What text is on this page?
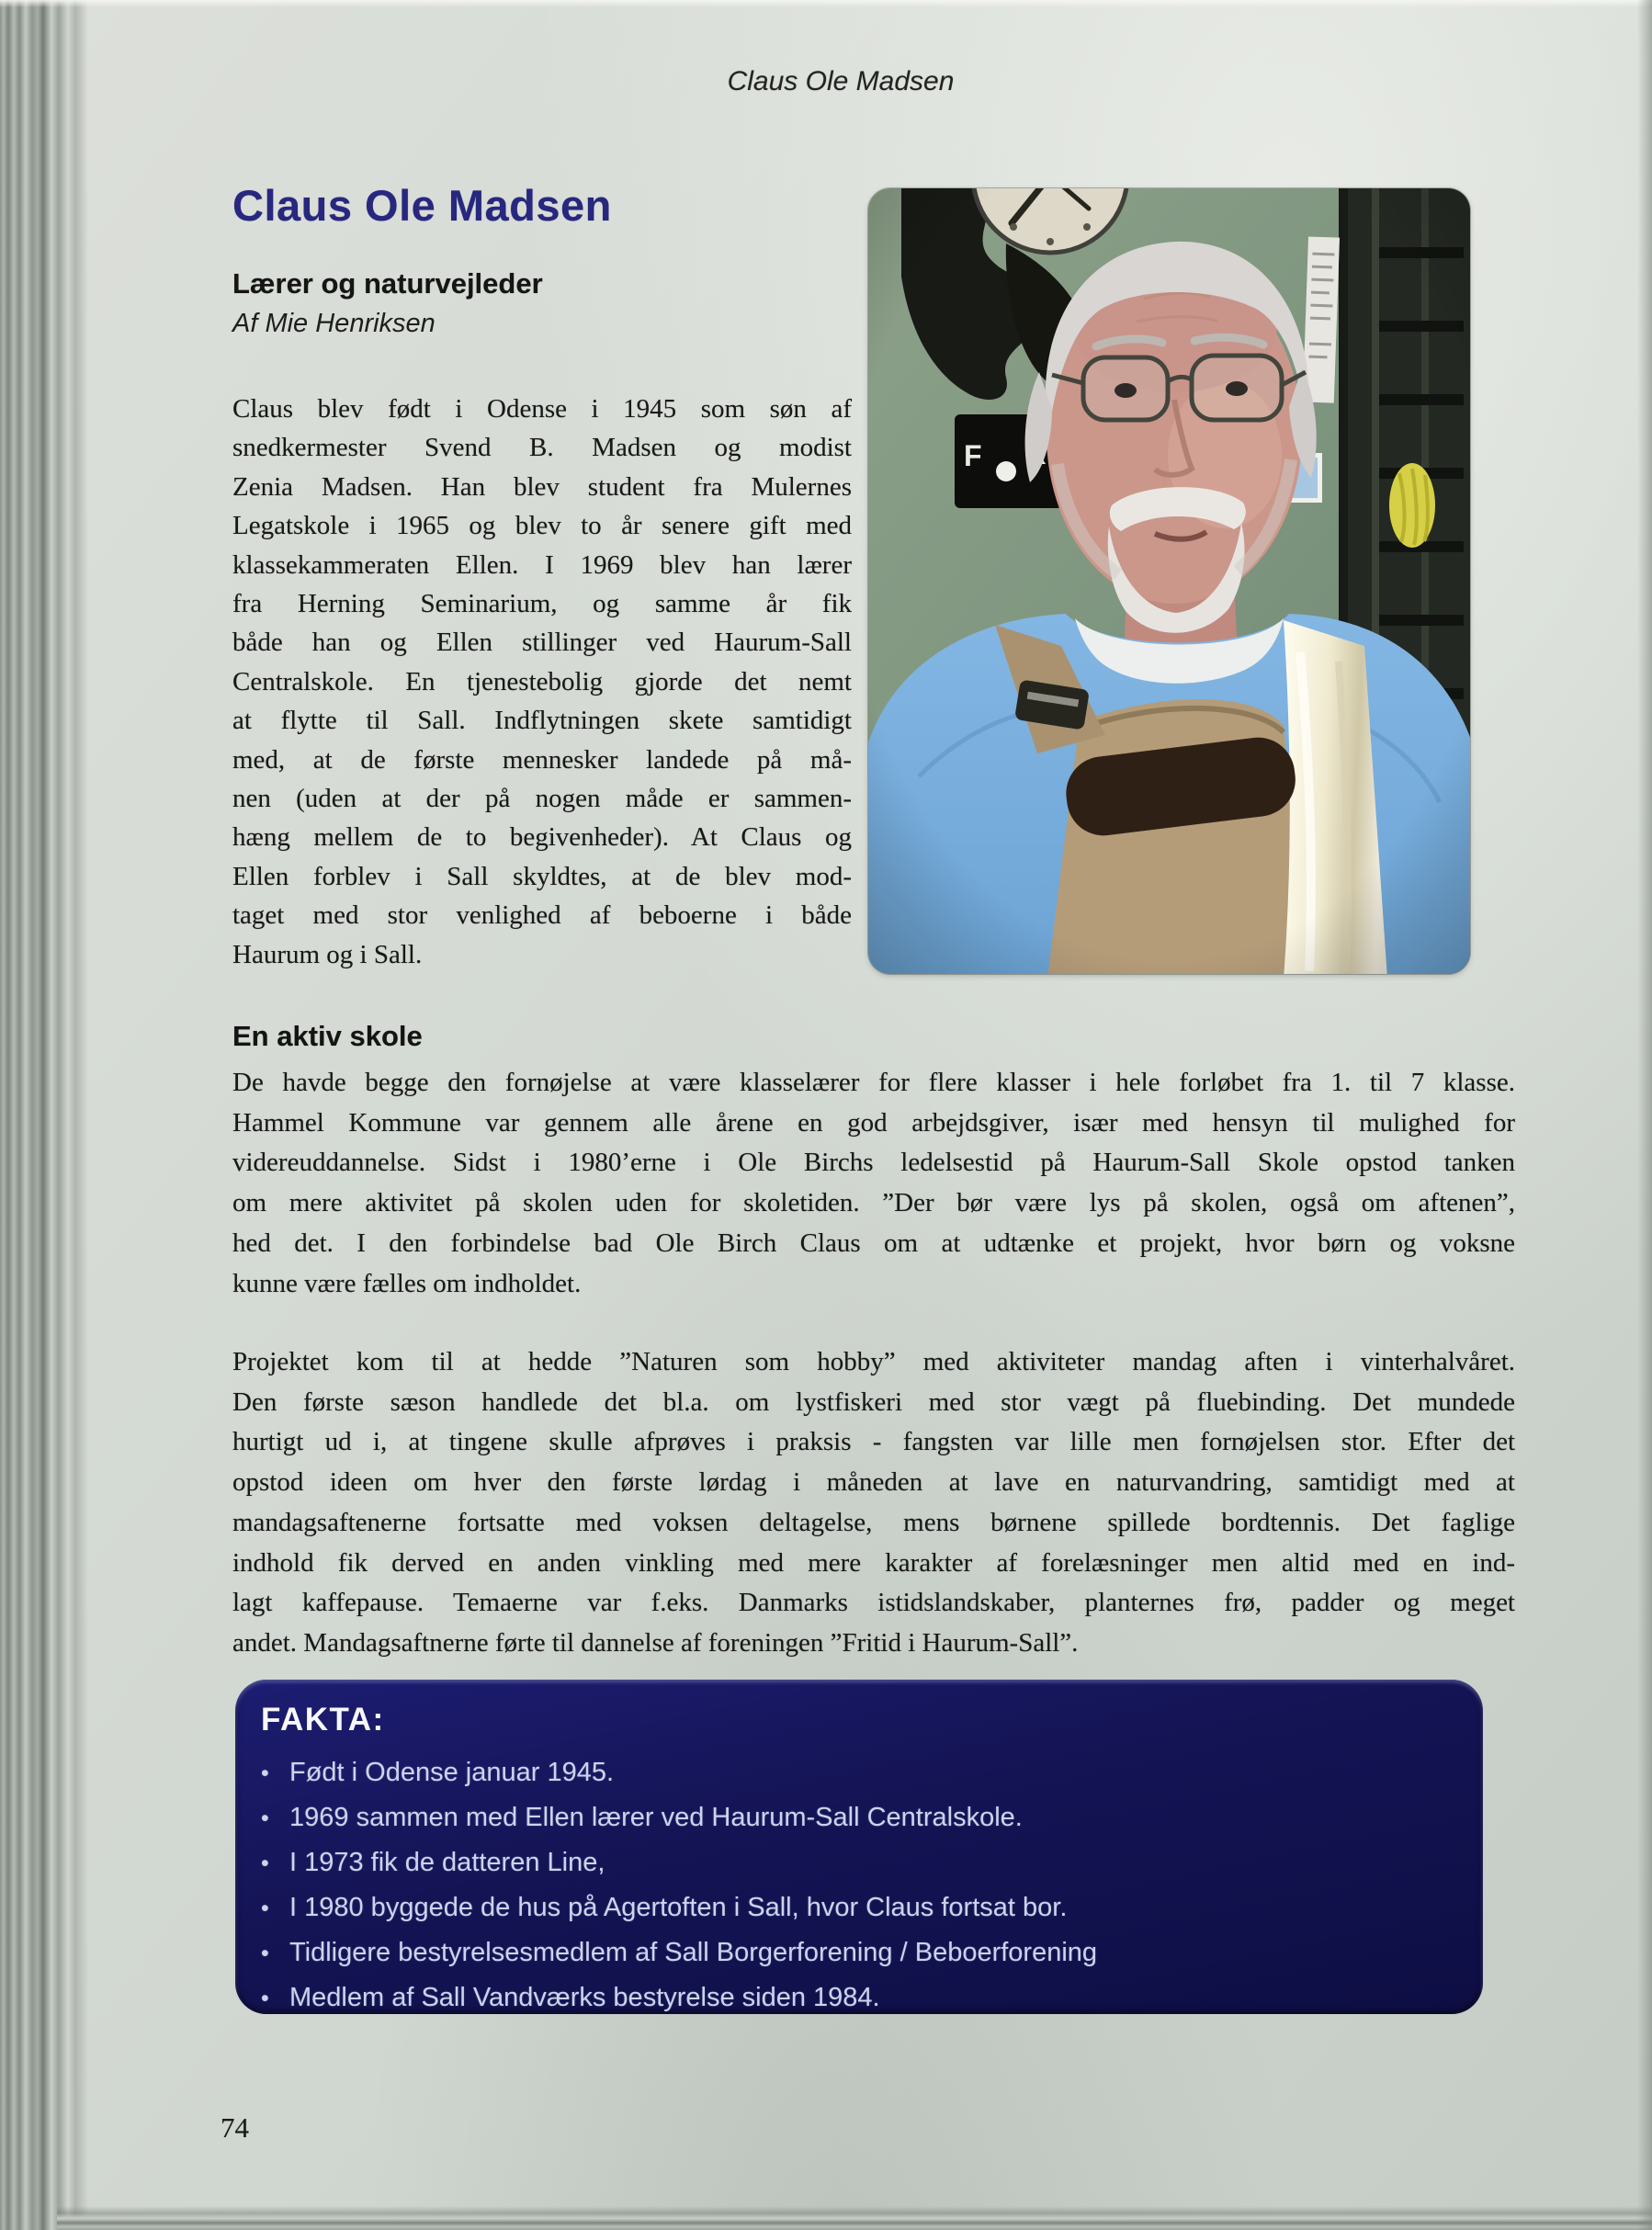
Claus Ole Madsen
Claus Ole Madsen
Lærer og naturvejleder
Af Mie Henriksen
Claus blev født i Odense i 1945 som søn af
snedkermester Svend B. Madsen og modist
Zenia Madsen. Han blev student fra Mulernes
Legatskole i 1965 og blev to år senere gift med
klassekammeraten Ellen. I 1969 blev han lærer
fra Herning Seminarium, og samme år fik
både han og Ellen stillinger ved Haurum-Sall
Centralskole. En tjenestebolig gjorde det nemt
at flytte til Sall. Indflytningen skete samtidigt
med, at de første mennesker landede på må-
nen (uden at der på nogen måde er sammen-
hæng mellem de to begivenheder). At Claus og
Ellen forblev i Sall skyldtes, at de blev mod-
taget med stor venlighed af beboerne i både
Haurum og i Sall.
En aktiv skole
De havde begge den fornøjelse at være klasselærer for flere klasser i hele forløbet fra 1. til 7 klasse.
Hammel Kommune var gennem alle årene en god arbejdsgiver, især med hensyn til mulighed for
videreuddannelse. Sidst i 1980’erne i Ole Birchs ledelsestid på Haurum-Sall Skole opstod tanken
om mere aktivitet på skolen uden for skoletiden. ”Der bør være lys på skolen, også om aftenen”,
hed det. I den forbindelse bad Ole Birch Claus om at udtænke et projekt, hvor børn og voksne
kunne være fælles om indholdet.
Projektet kom til at hedde ”Naturen som hobby” med aktiviteter mandag aften i vinterhalvåret.
Den første sæson handlede det bl.a. om lystfiskeri med stor vægt på fluebinding. Det mundede
hurtigt ud i, at tingene skulle afprøves i praksis - fangsten var lille men fornøjelsen stor. Efter det
opstod ideen om hver den første lørdag i måneden at lave en naturvandring, samtidigt med at
mandagsaftenerne fortsatte med voksen deltagelse, mens børnene spillede bordtennis. Det faglige
indhold fik derved en anden vinkling med mere karakter af forelæsninger men altid med en ind-
lagt kaffepause. Temaerne var f.eks. Danmarks istidslandskaber, planternes frø, padder og meget
andet. Mandagsaftnerne førte til dannelse af foreningen ”Fritid i Haurum-Sall”.
FAKTA:
• Født i Odense januar 1945.
• 1969 sammen med Ellen lærer ved Haurum-Sall Centralskole.
• I 1973 fik de datteren Line,
• I 1980 byggede de hus på Agertoften i Sall, hvor Claus fortsat bor.
• Tidligere bestyrelsesmedlem af Sall Borgerforening / Beboerforening
• Medlem af Sall Vandværks bestyrelse siden 1984.
74
